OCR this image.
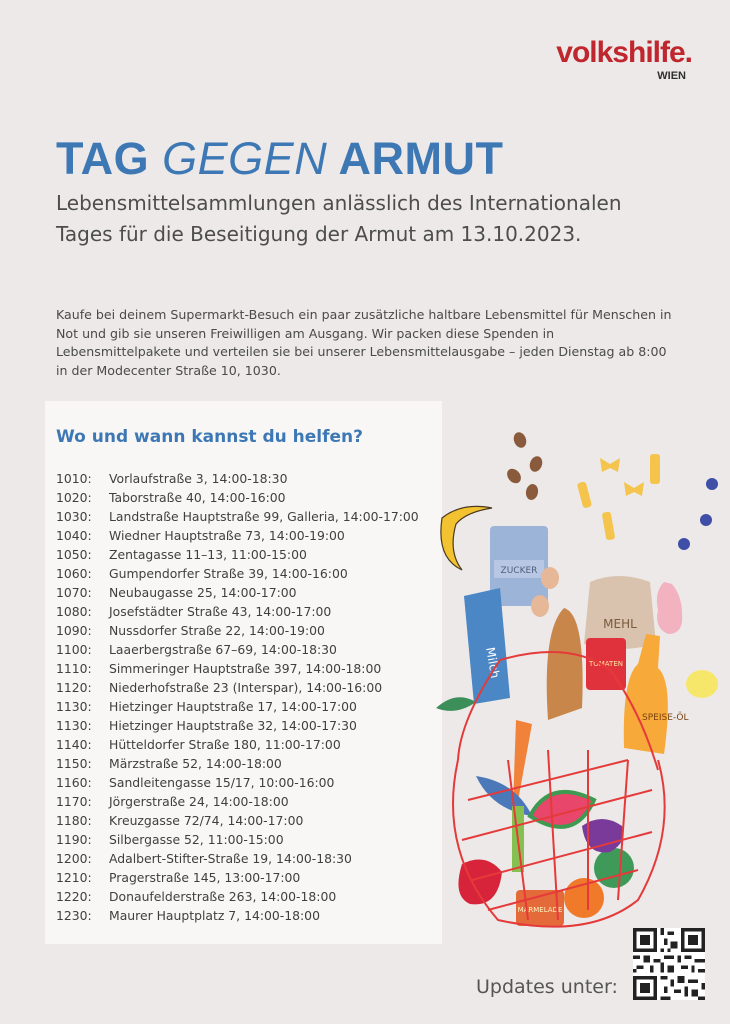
volkshilfe.
WIEN
TAG GEGEN ARMUT

Lebensmittelsammlungen anlässlich des Internationalen Tages für die Beseitigung der Armut am 13.10.2023.

Kaufe bei deinem Supermarkt-Besuch ein paar zusätzliche haltbare Lebensmittel für Menschen in Not und gib sie unseren Freiwilligen am Ausgang. Wir packen diese Spenden in Lebensmittelpakete und verteilen sie bei unserer Lebensmittelausgabe – jeden Dienstag ab 8:00 in der Modecenter Straße 10, 1030.

Wo und wann kannst du helfen?
1010:	Vorlaufstraße 3, 14:00-18:30
1020:	Taborstraße 40, 14:00-16:00
1030:	Landstraße Hauptstraße 99, Galleria, 14:00-17:00
1040:	Wiedner Hauptstraße 73, 14:00-19:00
1050:	Zentagasse 11–13, 11:00-15:00
1060:	Gumpendorfer Straße 39, 14:00-16:00
1070:	Neubaugasse 25, 14:00-17:00
1080:	Josefstädter Straße 43, 14:00-17:00
1090:	Nussdorfer Straße 22, 14:00-19:00
1100:	Laaerbergstraße 67–69, 14:00-18:30
1110:	Simmeringer Hauptstraße 397, 14:00-18:00
1120:	Niederhofstraße 23 (Interspar), 14:00-16:00
1130:	Hietzinger Hauptstraße 17, 14:00-17:00
1130:	Hietzinger Hauptstraße 32, 14:00-17:30
1140:	Hütteldorfer Straße 180, 11:00-17:00
1150:	Märzstraße 52, 14:00-18:00
1160:	Sandleitengasse 15/17, 10:00-16:00
1170:	Jörgerstraße 24, 14:00-18:00
1180:	Kreuzgasse 72/74, 14:00-17:00
1190:	Silbergasse 52, 11:00-15:00
1200:	Adalbert-Stifter-Straße 19, 14:00-18:30
1210:	Pragerstraße 145, 13:00-17:00
1220:	Donaufelderstraße 263, 14:00-18:00
1230:	Maurer Hauptplatz 7, 14:00-18:00
ZUCKER
MEHL
Milch	TOMATEN
SPEISE-ÖL
MARMELADE
Updates unter:
